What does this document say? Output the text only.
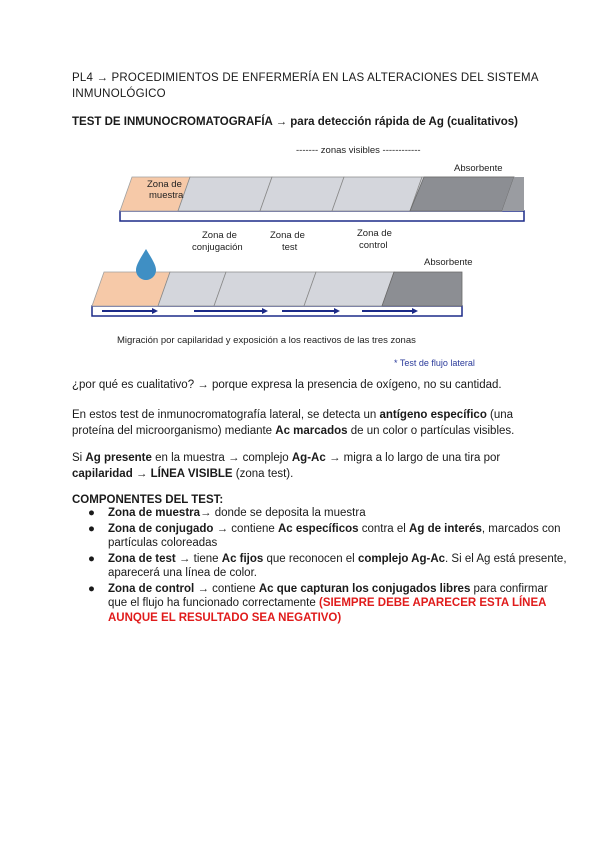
PL4 → PROCEDIMIENTOS DE ENFERMERÍA EN LAS ALTERACIONES DEL SISTEMA INMUNOLÓGICO
TEST DE INMUNOCROMATOGRAFÍA → para detección rápida de Ag (cualitativos)
------- zonas visibles ------------
Absorbente
Zona de
muestra
Zona de
conjugación
Zona de
test
Zona de
control
Absorbente
Migración por capilaridad y exposición a los reactivos de las tres zonas
* Test de flujo lateral
¿por qué es cualitativo? → porque expresa la presencia de oxígeno, no su cantidad.
En estos test de inmunocromatografía lateral, se detecta un antígeno específico (una proteína del microorganismo) mediante Ac marcados de un color o partículas visibles.
Si Ag presente en la muestra → complejo Ag-Ac → migra a lo largo de una tira por capilaridad → LÍNEA VISIBLE (zona test).
COMPONENTES DEL TEST:
● Zona de muestra→ donde se deposita la muestra
● Zona de conjugado → contiene Ac específicos contra el Ag de interés, marcados con partículas coloreadas
● Zona de test → tiene Ac fijos que reconocen el complejo Ag-Ac. Si el Ag está presente, aparecerá una línea de color.
● Zona de control → contiene Ac que capturan los conjugados libres para confirmar que el flujo ha funcionado correctamente (SIEMPRE DEBE APARECER ESTA LÍNEA AUNQUE EL RESULTADO SEA NEGATIVO)
